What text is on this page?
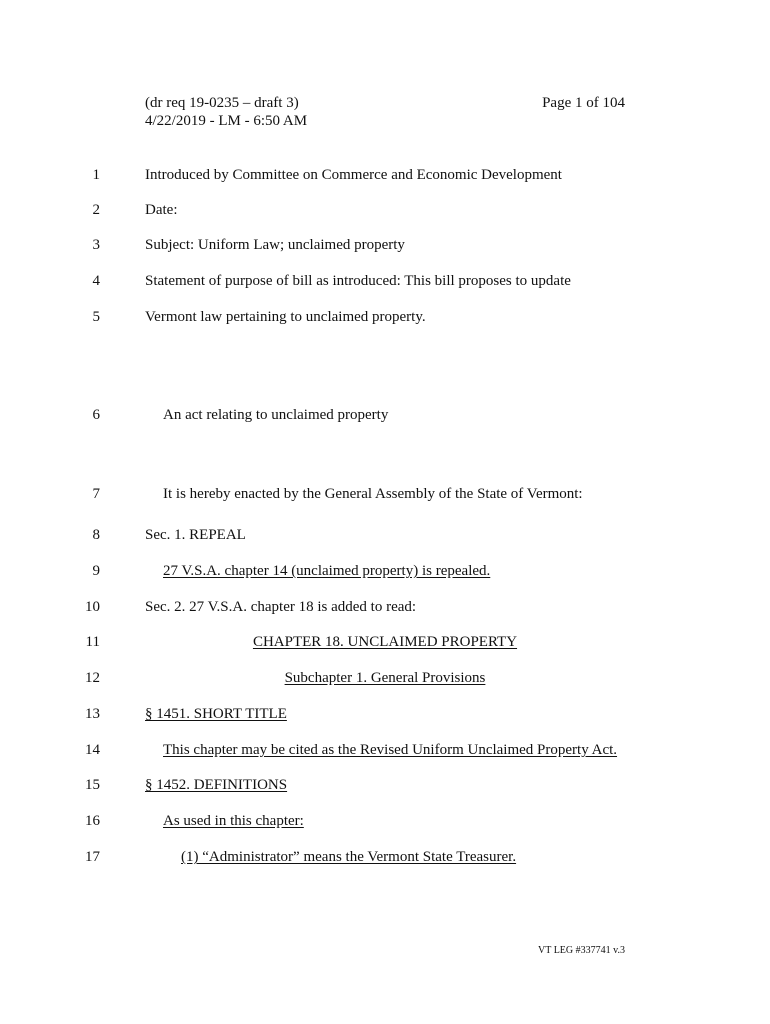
(dr req 19-0235 – draft 3)
4/22/2019 - LM - 6:50 AM
Page 1 of 104
1	Introduced by Committee on Commerce and Economic Development
2	Date:
3	Subject: Uniform Law; unclaimed property
4	Statement of purpose of bill as introduced: This bill proposes to update
5	Vermont law pertaining to unclaimed property.
6	An act relating to unclaimed property
7	It is hereby enacted by the General Assembly of the State of Vermont:
8	Sec. 1. REPEAL
9	27 V.S.A. chapter 14 (unclaimed property) is repealed.
10	Sec. 2. 27 V.S.A. chapter 18 is added to read:
11	CHAPTER 18. UNCLAIMED PROPERTY
12	Subchapter 1. General Provisions
13	§ 1451. SHORT TITLE
14	This chapter may be cited as the Revised Uniform Unclaimed Property Act.
15	§ 1452. DEFINITIONS
16	As used in this chapter:
17	(1) “Administrator” means the Vermont State Treasurer.
VT LEG #337741 v.3
